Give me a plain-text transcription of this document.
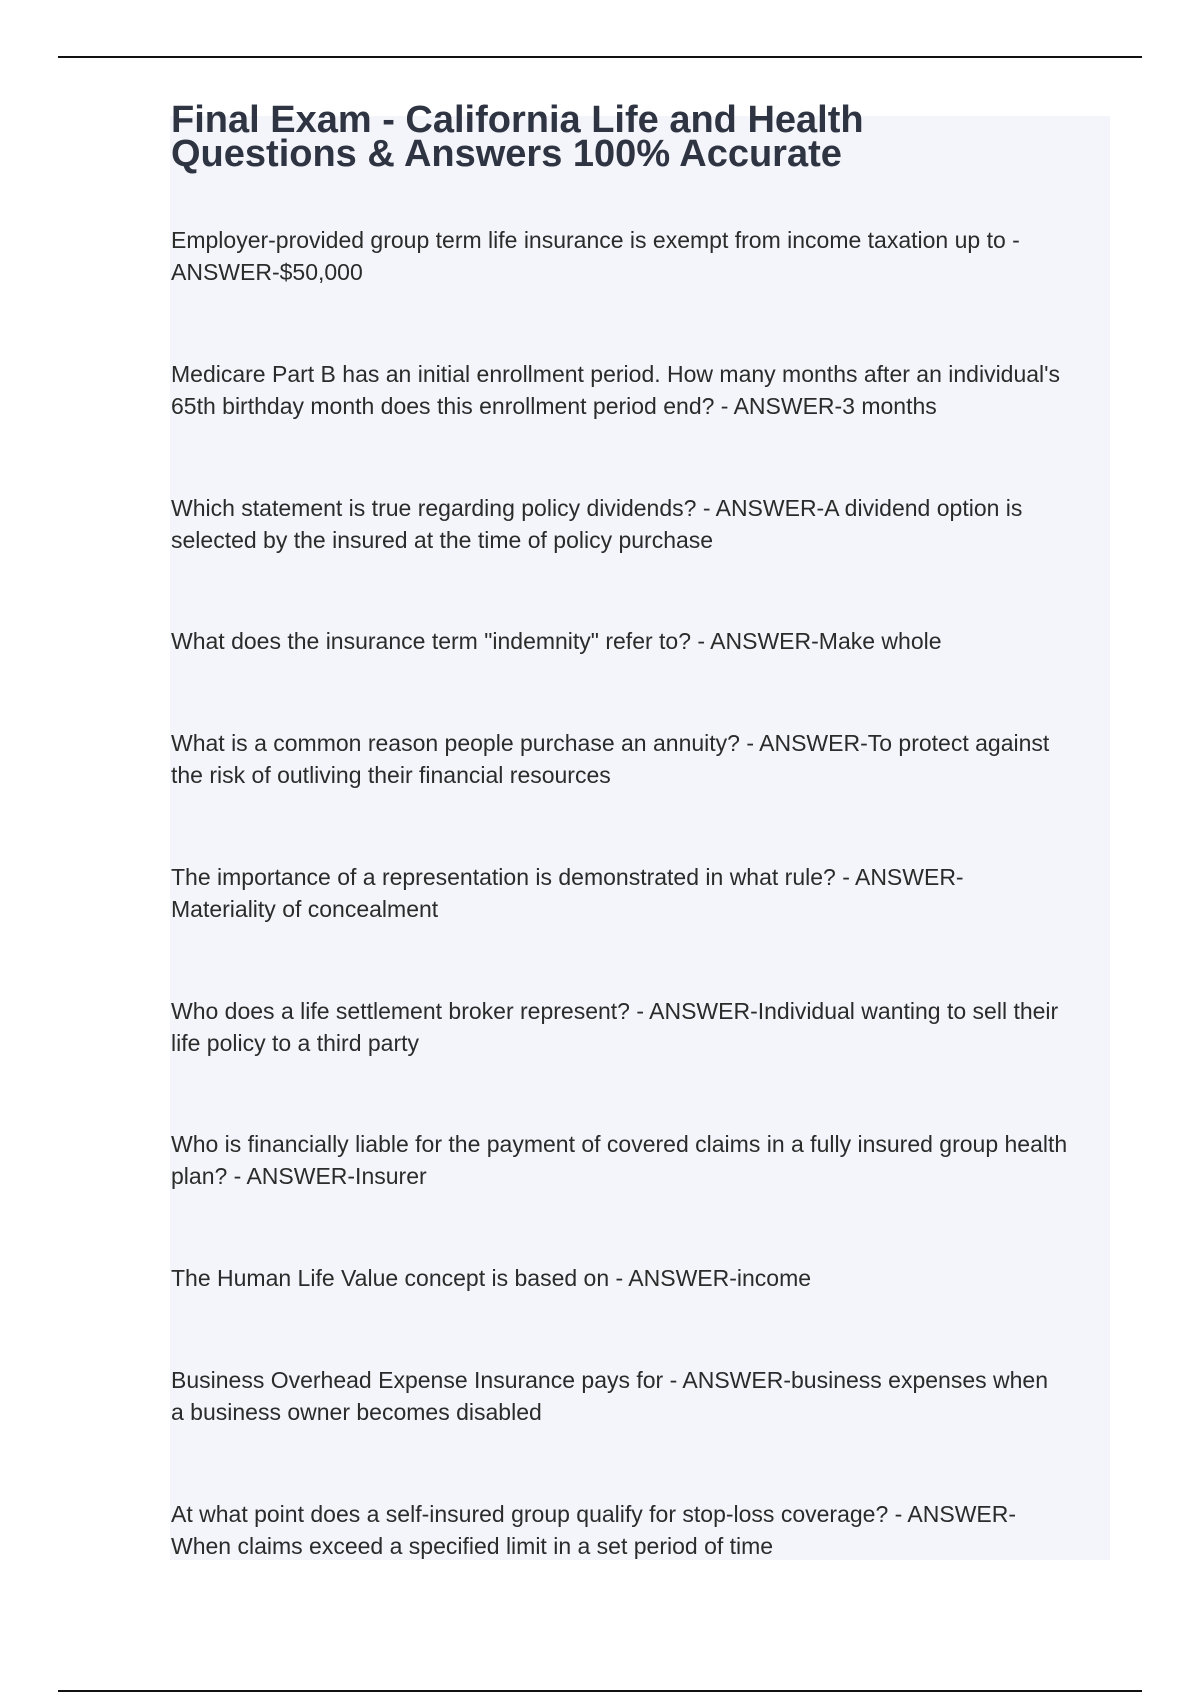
Final Exam - California Life and Health
Questions & Answers 100% Accurate
Employer-provided group term life insurance is exempt from income taxation up to -
ANSWER-$50,000
Medicare Part B has an initial enrollment period. How many months after an individual's
65th birthday month does this enrollment period end? - ANSWER-3 months
Which statement is true regarding policy dividends? - ANSWER-A dividend option is
selected by the insured at the time of policy purchase
What does the insurance term "indemnity" refer to? - ANSWER-Make whole
What is a common reason people purchase an annuity? - ANSWER-To protect against
the risk of outliving their financial resources
The importance of a representation is demonstrated in what rule? - ANSWER-
Materiality of concealment
Who does a life settlement broker represent? - ANSWER-Individual wanting to sell their
life policy to a third party
Who is financially liable for the payment of covered claims in a fully insured group health
plan? - ANSWER-Insurer
The Human Life Value concept is based on - ANSWER-income
Business Overhead Expense Insurance pays for - ANSWER-business expenses when
a business owner becomes disabled
At what point does a self-insured group qualify for stop-loss coverage? - ANSWER-
When claims exceed a specified limit in a set period of time
